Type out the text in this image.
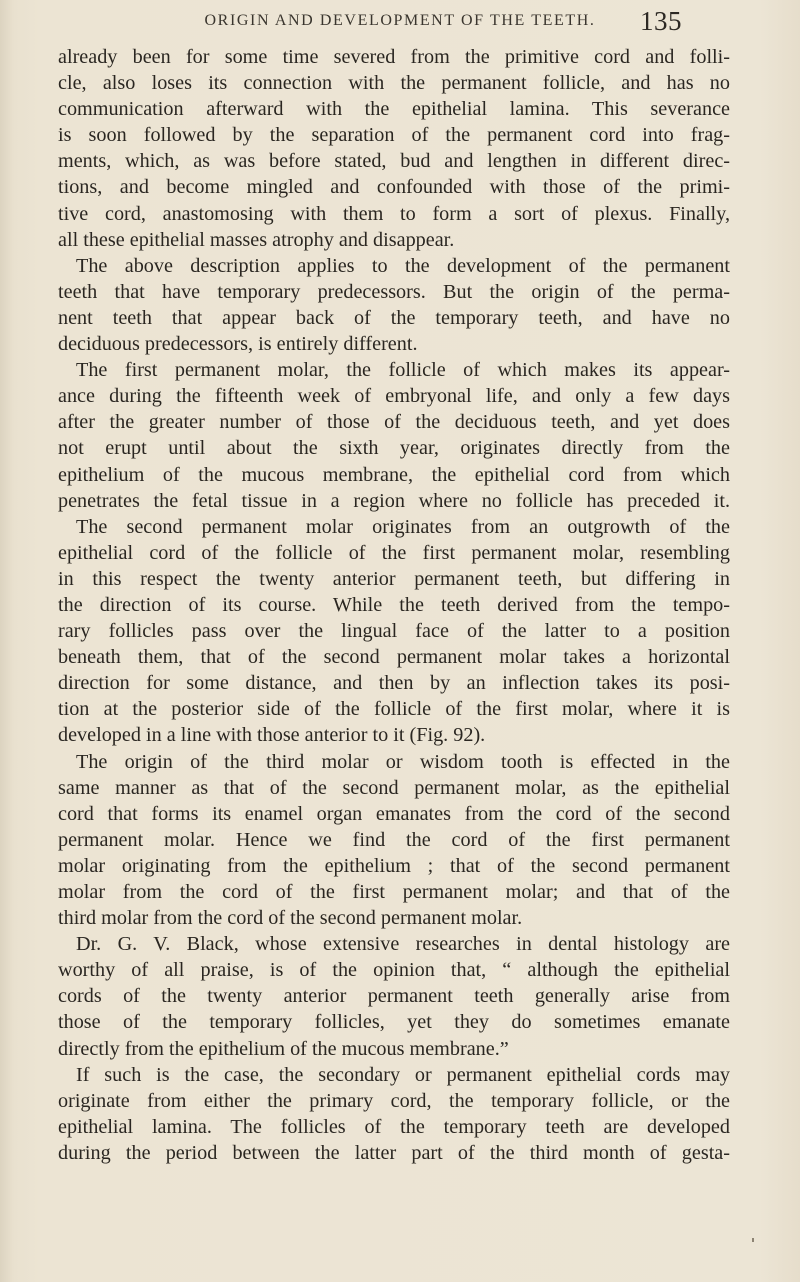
ORIGIN AND DEVELOPMENT OF THE TEETH.	135
already been for some time severed from the primitive cord and folli-
cle, also loses its connection with the permanent follicle, and has no
communication afterward with the epithelial lamina. This severance
is soon followed by the separation of the permanent cord into frag-
ments, which, as was before stated, bud and lengthen in different direc-
tions, and become mingled and confounded with those of the primi-
tive cord, anastomosing with them to form a sort of plexus. Finally,
all these epithelial masses atrophy and disappear.
The above description applies to the development of the permanent
teeth that have temporary predecessors. But the origin of the perma-
nent teeth that appear back of the temporary teeth, and have no
deciduous predecessors, is entirely different.
The first permanent molar, the follicle of which makes its appear-
ance during the fifteenth week of embryonal life, and only a few days
after the greater number of those of the deciduous teeth, and yet does
not erupt until about the sixth year, originates directly from the
epithelium of the mucous membrane, the epithelial cord from which
penetrates the fetal tissue in a region where no follicle has preceded it.
The second permanent molar originates from an outgrowth of the
epithelial cord of the follicle of the first permanent molar, resembling
in this respect the twenty anterior permanent teeth, but differing in
the direction of its course. While the teeth derived from the tempo-
rary follicles pass over the lingual face of the latter to a position
beneath them, that of the second permanent molar takes a horizontal
direction for some distance, and then by an inflection takes its posi-
tion at the posterior side of the follicle of the first molar, where it is
developed in a line with those anterior to it (Fig. 92).
The origin of the third molar or wisdom tooth is effected in the
same manner as that of the second permanent molar, as the epithelial
cord that forms its enamel organ emanates from the cord of the second
permanent molar. Hence we find the cord of the first permanent
molar originating from the epithelium ; that of the second permanent
molar from the cord of the first permanent molar; and that of the
third molar from the cord of the second permanent molar.
Dr. G. V. Black, whose extensive researches in dental histology are
worthy of all praise, is of the opinion that, “ although the epithelial
cords of the twenty anterior permanent teeth generally arise from
those of the temporary follicles, yet they do sometimes emanate
directly from the epithelium of the mucous membrane.”
If such is the case, the secondary or permanent epithelial cords may
originate from either the primary cord, the temporary follicle, or the
epithelial lamina. The follicles of the temporary teeth are developed
during the period between the latter part of the third month of gesta-
